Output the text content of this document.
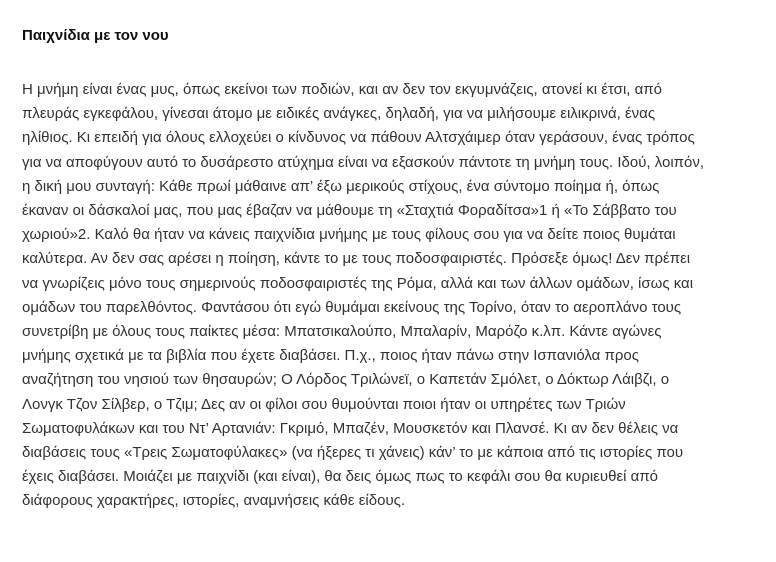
Παιχνίδια με τον νου

Η μνήμη είναι ένας μυς, όπως εκείνοι των ποδιών, και αν δεν τον εκγυμνάζεις, ατονεί κι έτσι, από
πλευράς εγκεφάλου, γίνεσαι άτομο με ειδικές ανάγκες, δηλαδή, για να μιλήσουμε ειλικρινά, ένας
ηλίθιος. Κι επειδή για όλους ελλοχεύει ο κίνδυνος να πάθουν Αλτσχάιμερ όταν γεράσουν, ένας τρόπος
για να αποφύγουν αυτό το δυσάρεστο ατύχημα είναι να εξασκούν πάντοτε τη μνήμη τους. Ιδού, λοιπόν,
η δική μου συνταγή: Κάθε πρωί μάθαινε απ’ έξω μερικούς στίχους, ένα σύντομο ποίημα ή, όπως
έκαναν οι δάσκαλοί μας, που μας έβαζαν να μάθουμε τη «Σταχτιά Φοραδίτσα»1 ή «Το Σάββατο του
χωριού»2. Καλό θα ήταν να κάνεις παιχνίδια μνήμης με τους φίλους σου για να δείτε ποιος θυμάται
καλύτερα. Αν δεν σας αρέσει η ποίηση, κάντε το με τους ποδοσφαιριστές. Πρόσεξε όμως! Δεν πρέπει
να γνωρίζεις μόνο τους σημερινούς ποδοσφαιριστές της Ρόμα, αλλά και των άλλων ομάδων, ίσως και
ομάδων του παρελθόντος. Φαντάσου ότι εγώ θυμάμαι εκείνους της Τορίνο, όταν το αεροπλάνο τους
συνετρίβη με όλους τους παίκτες μέσα: Μπατσικαλούπο, Μπαλαρίν, Μαρόζο κ.λπ. Κάντε αγώνες
μνήμης σχετικά με τα βιβλία που έχετε διαβάσει. Π.χ., ποιος ήταν πάνω στην Ισπανιόλα προς
αναζήτηση του νησιού των θησαυρών; Ο Λόρδος Τριλώνεϊ, ο Καπετάν Σμόλετ, ο Δόκτωρ Λάιβζι, ο
Λονγκ Τζον Σίλβερ, ο Τζιμ; Δες αν οι φίλοι σου θυμούνται ποιοι ήταν οι υπηρέτες των Τριών
Σωματοφυλάκων και του Ντ’ Αρτανιάν: Γκριμό, Μπαζέν, Μουσκετόν και Πλανσέ. Κι αν δεν θέλεις να
διαβάσεις τους «Τρεις Σωματοφύλακες» (να ήξερες τι χάνεις) κάν’ το με κάποια από τις ιστορίες που
έχεις διαβάσει. Μοιάζει με παιχνίδι (και είναι), θα δεις όμως πως το κεφάλι σου θα κυριευθεί από
διάφορους χαρακτήρες, ιστορίες, αναμνήσεις κάθε είδους.
